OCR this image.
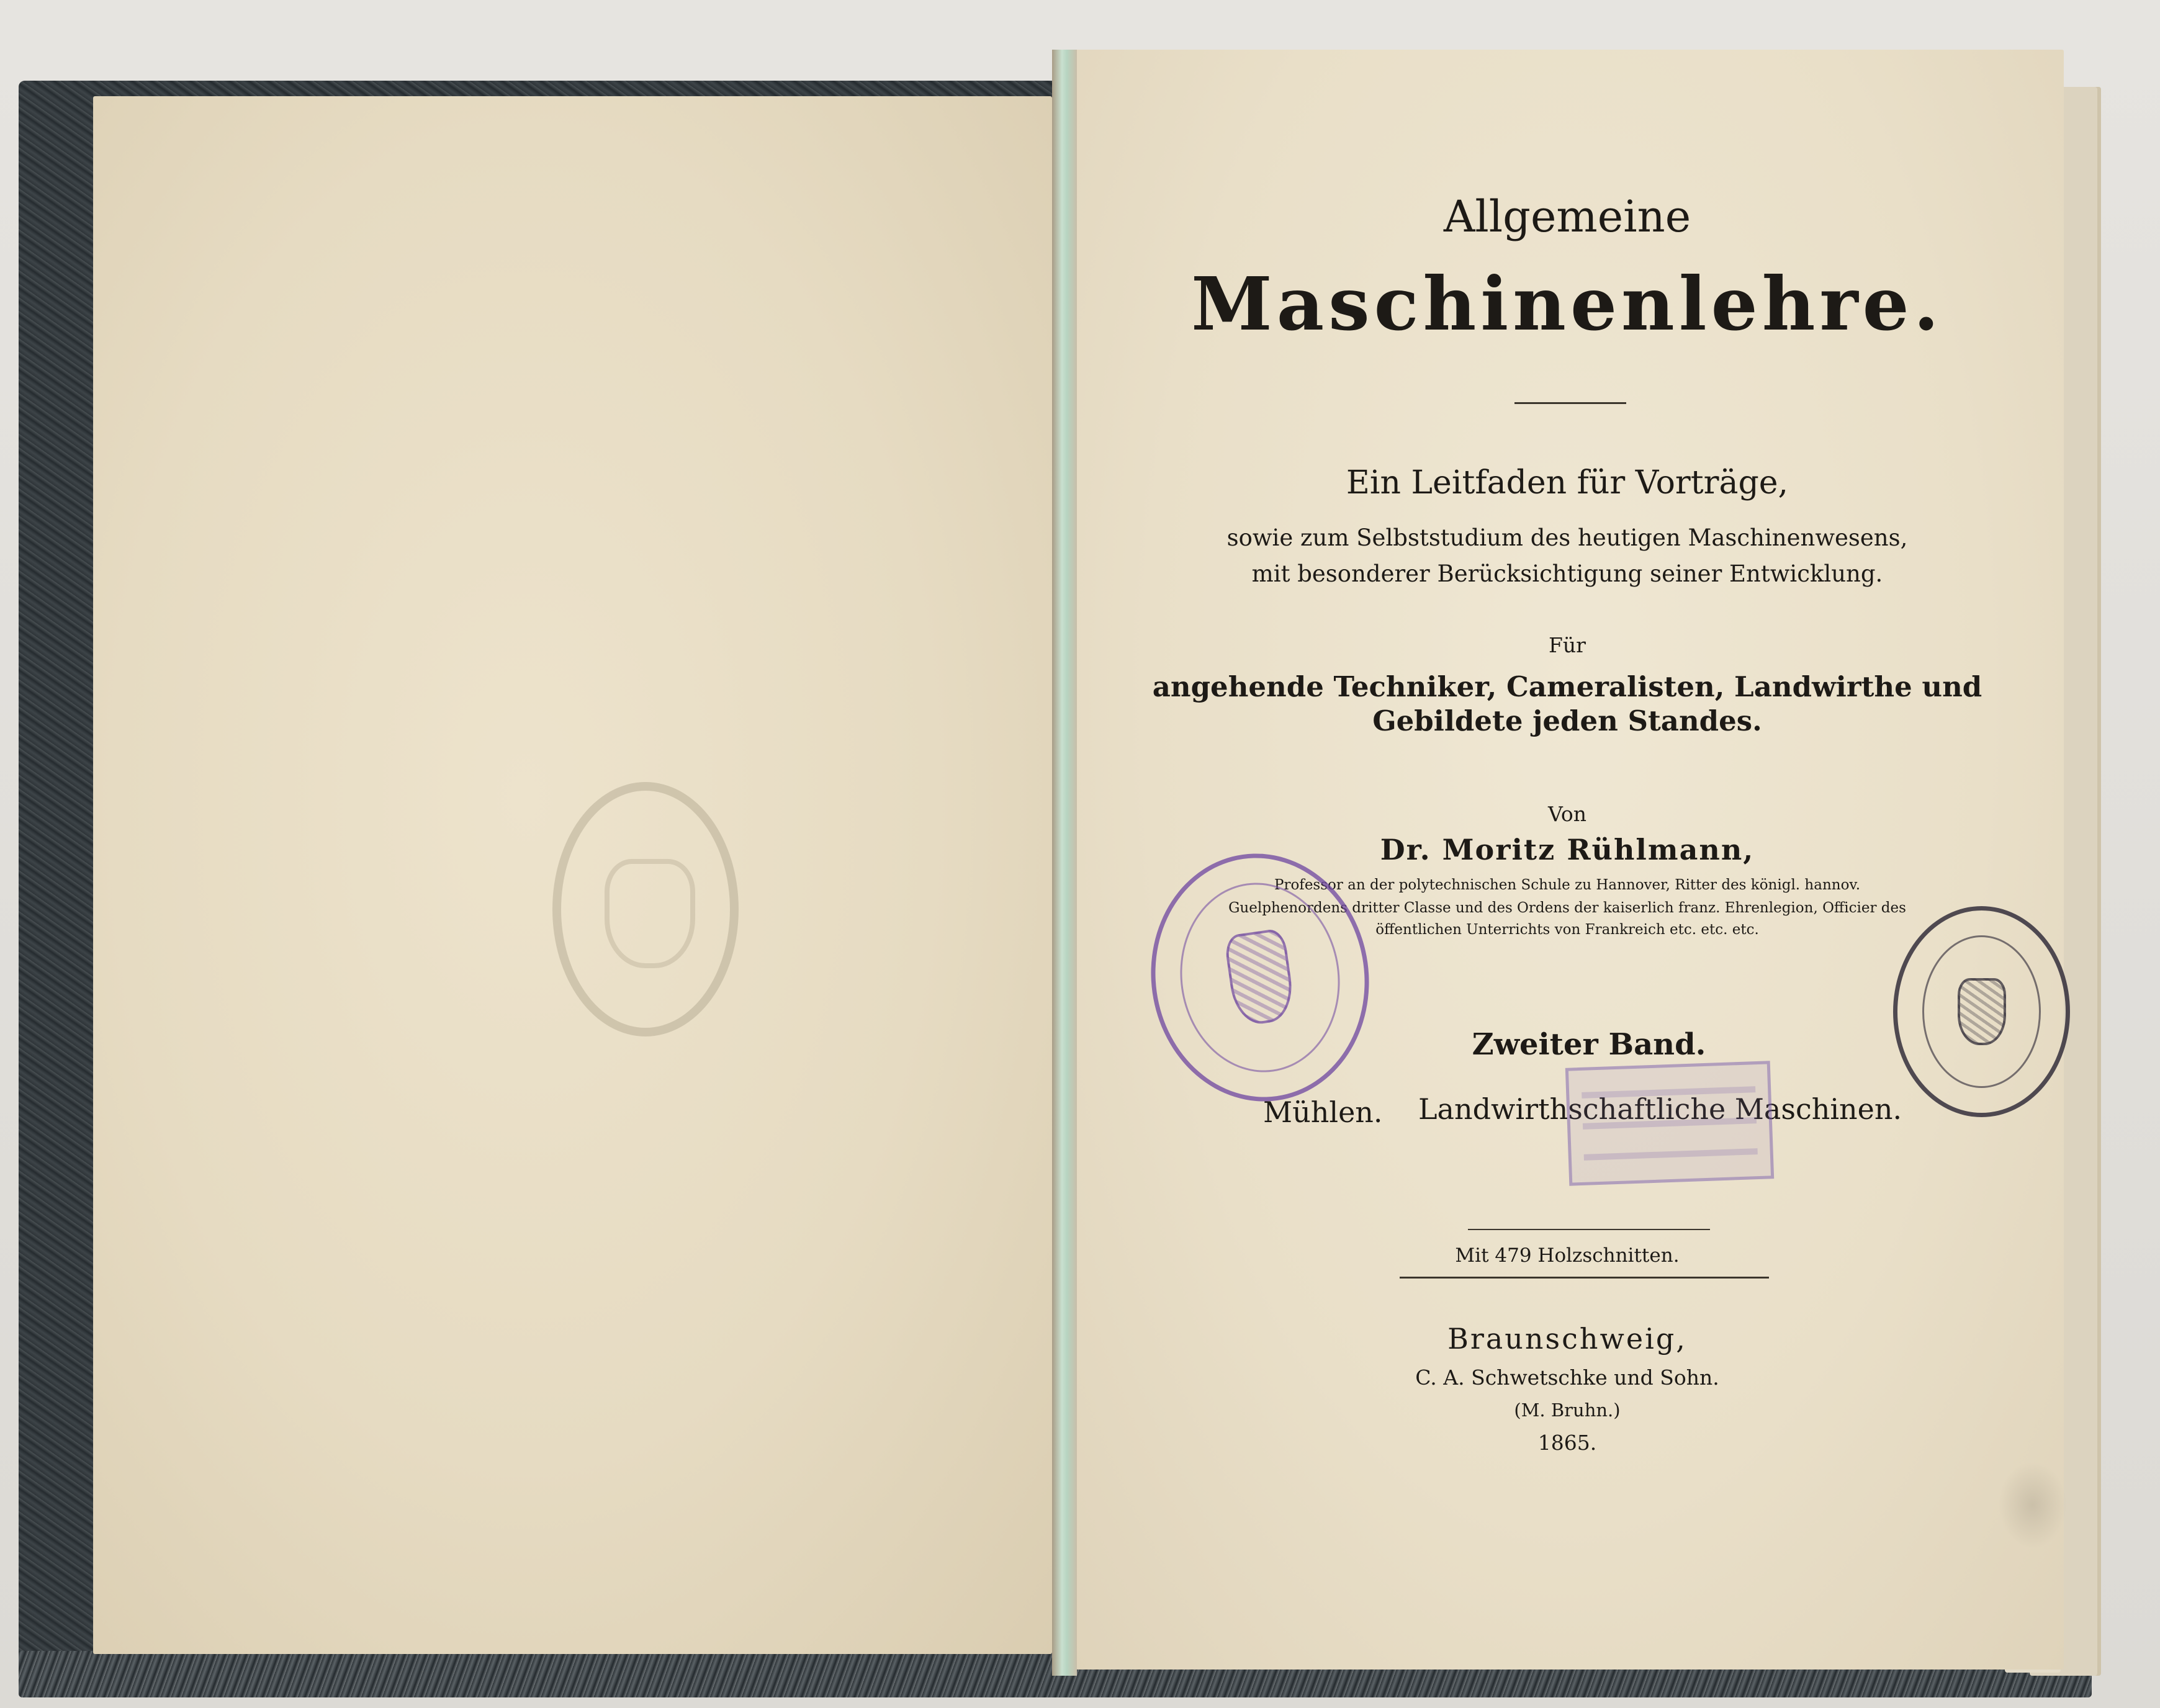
Allgemeine
Maschinenlehre.
Ein Leitfaden für Vorträge,
sowie zum Selbststudium des heutigen Maschinenwesens,
mit besonderer Berücksichtigung seiner Entwicklung.
Für
angehende Techniker, Cameralisten, Landwirthe und
Gebildete jeden Standes.
Von
Dr. Moritz Rühlmann,
Professor an der polytechnischen Schule zu Hannover, Ritter des königl. hannov.
Guelphenordens dritter Classe und des Ordens der kaiserlich franz. Ehrenlegion, Officier des
öffentlichen Unterrichts von Frankreich etc. etc. etc.
Zweiter Band.
Mühlen. Landwirthschaftliche Maschinen.
Mit 479 Holzschnitten.
Braunschweig,
C. A. Schwetschke und Sohn.
(M. Bruhn.)
1865.
